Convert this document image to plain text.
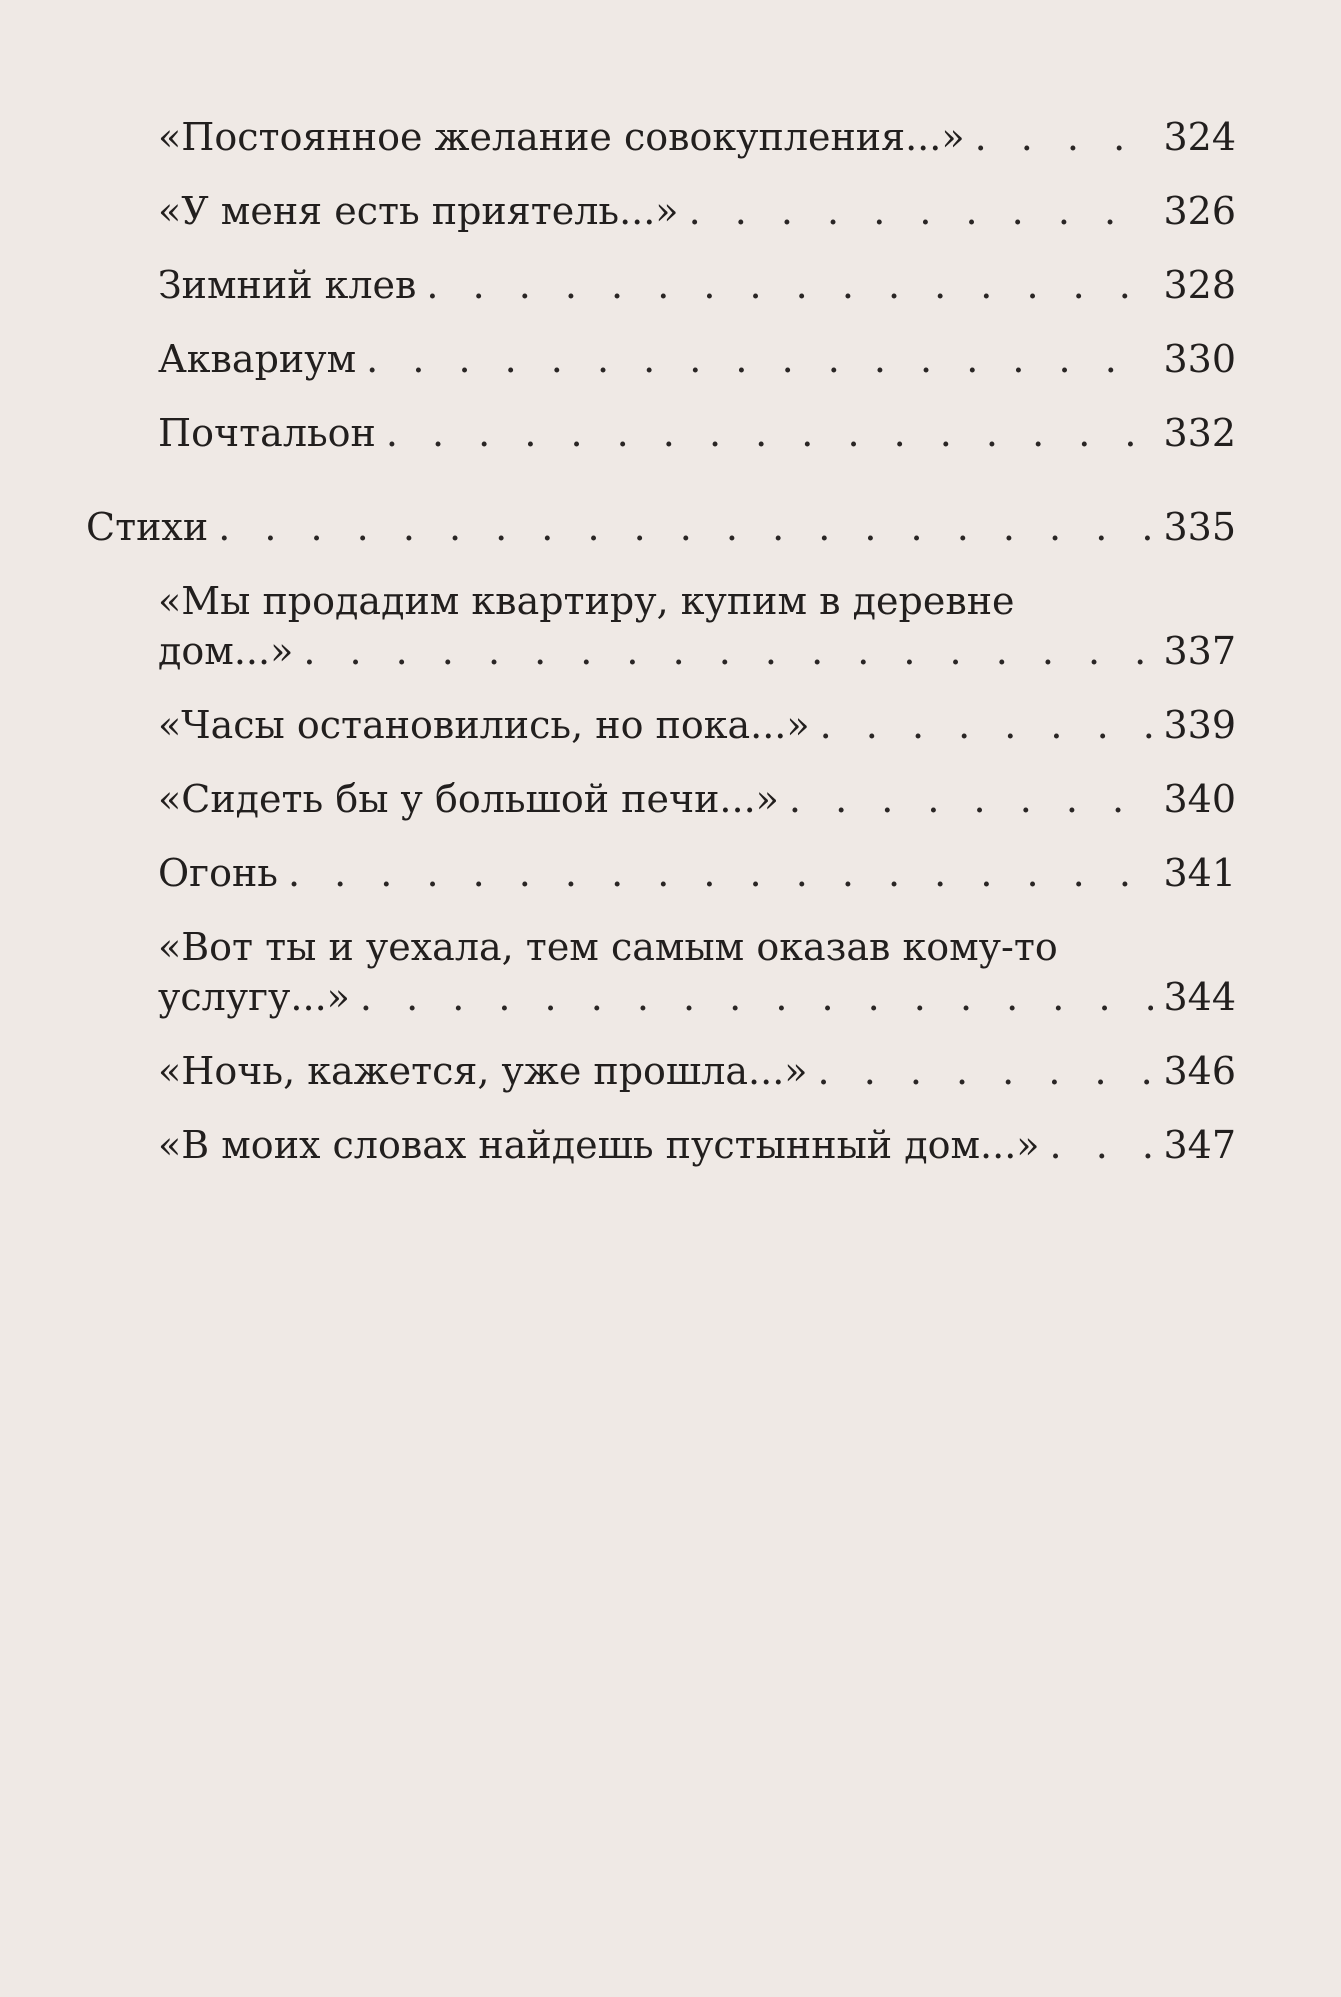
«Постоянное желание совокупления...» . . .	324
«У меня есть приятель...» . . .	326
Зимний клев . . .	328
Аквариум . . .	330
Почтальон . . .	332
Стихи . . .	335
«Мы продадим квартиру, купим в деревне
дом...» . . .	337
«Часы остановились, но пока...» . . .	339
«Сидеть бы у большой печи...» . . .	340
Огонь . . .	341
«Вот ты и уехала, тем самым оказав кому-то
услугу...» . . .	344
«Ночь, кажется, уже прошла...» . . .	346
«В моих словах найдешь пустынный дом...» . . .	347
